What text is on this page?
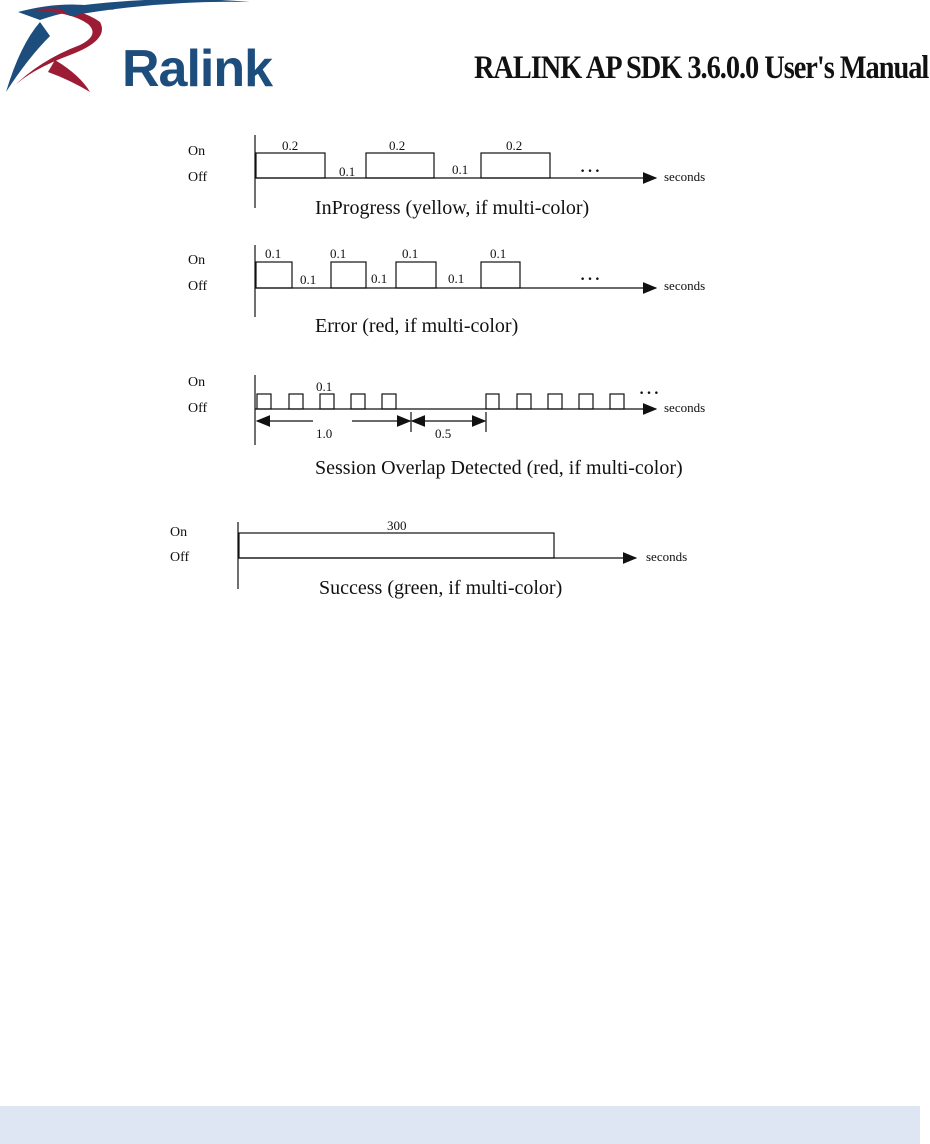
Ralink	RALINK AP SDK 3.6.0.0 User's Manual
On
Off
0.2	0.2	0.2
0.1	0.1	…	seconds
InProgress (yellow, if multi-color)
On
Off
0.1	0.1	0.1	0.1
0.1	0.1	0.1	…
seconds
Error (red, if multi-color)
On
Off
0.1
1.0	0.5
…
seconds
Session Overlap Detected (red, if multi-color)
On
Off
300
seconds
Success (green, if multi-color)
